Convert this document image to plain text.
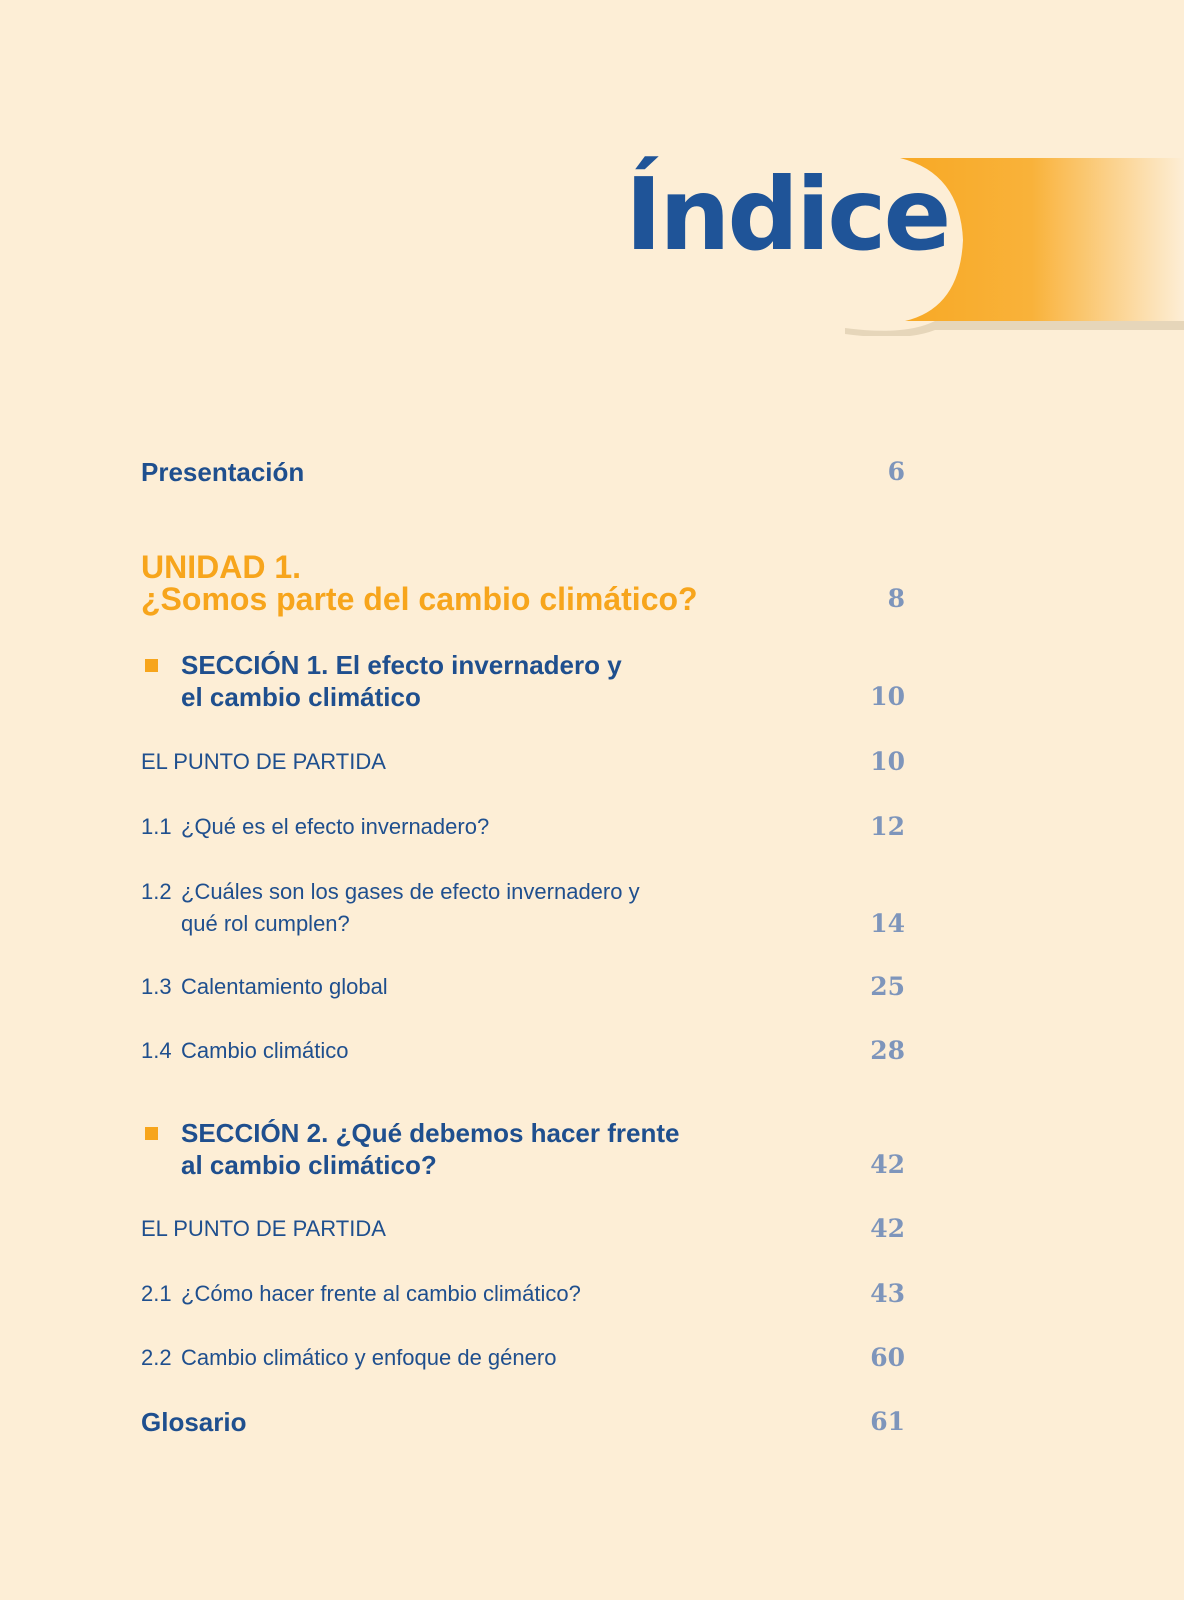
Índice
Presentación	6
UNIDAD 1.
¿Somos parte del cambio climático?	8
SECCIÓN 1. El efecto invernadero y
el cambio climático	10
EL PUNTO DE PARTIDA	10
1.1 ¿Qué es el efecto invernadero?	12
1.2 ¿Cuáles son los gases de efecto invernadero y
qué rol cumplen?	14
1.3 Calentamiento global	25
1.4 Cambio climático	28
SECCIÓN 2. ¿Qué debemos hacer frente
al cambio climático?	42
EL PUNTO DE PARTIDA	42
2.1 ¿Cómo hacer frente al cambio climático?	43
2.2 Cambio climático y enfoque de género	60
Glosario	61
